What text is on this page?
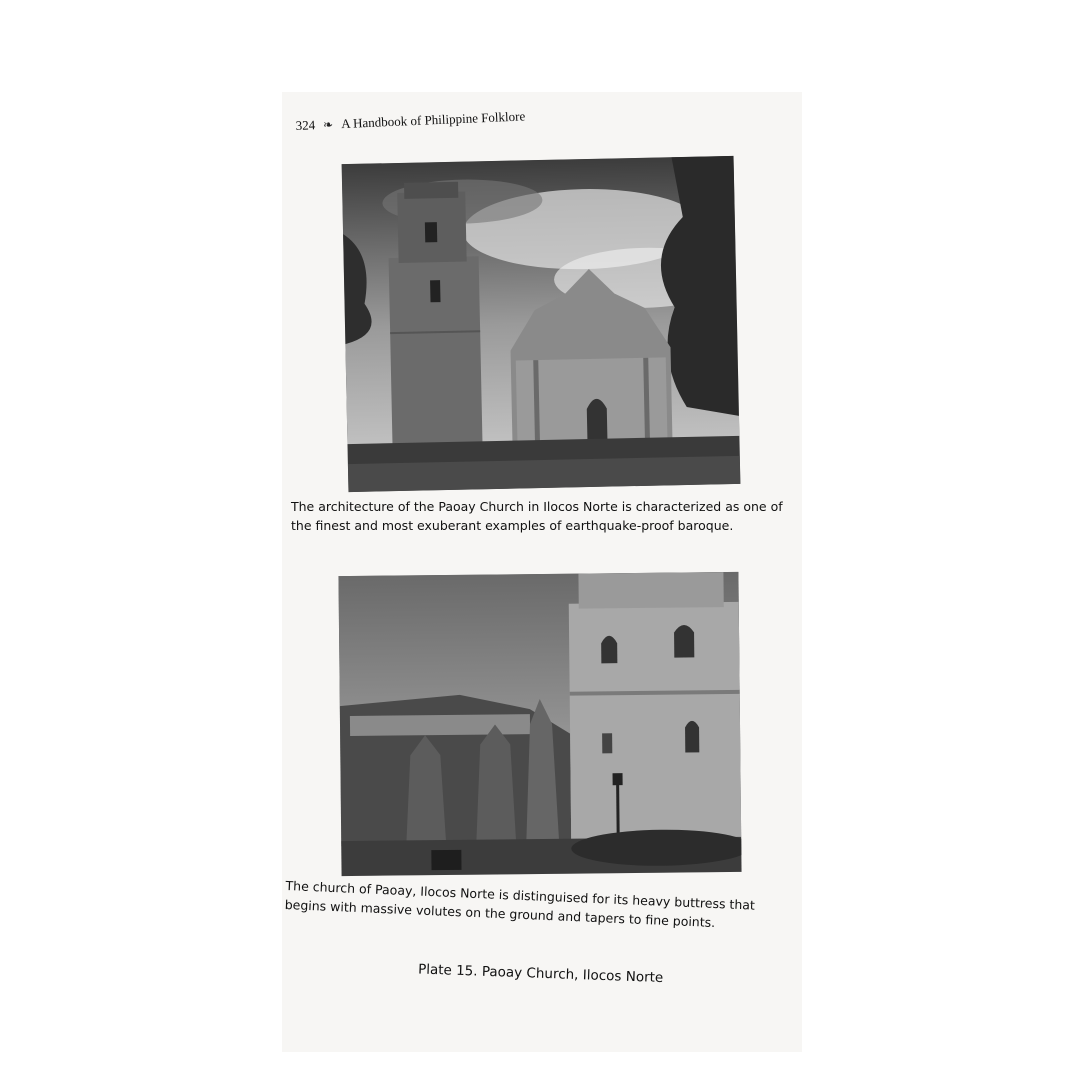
324 ❧ A Handbook of Philippine Folklore
The architecture of the Paoay Church in Ilocos Norte is characterized as one of the finest and most exuberant examples of earthquake-proof baroque.
The church of Paoay, Ilocos Norte is distinguised for its heavy buttress that begins with massive volutes on the ground and tapers to fine points.
Plate 15. Paoay Church, Ilocos Norte
